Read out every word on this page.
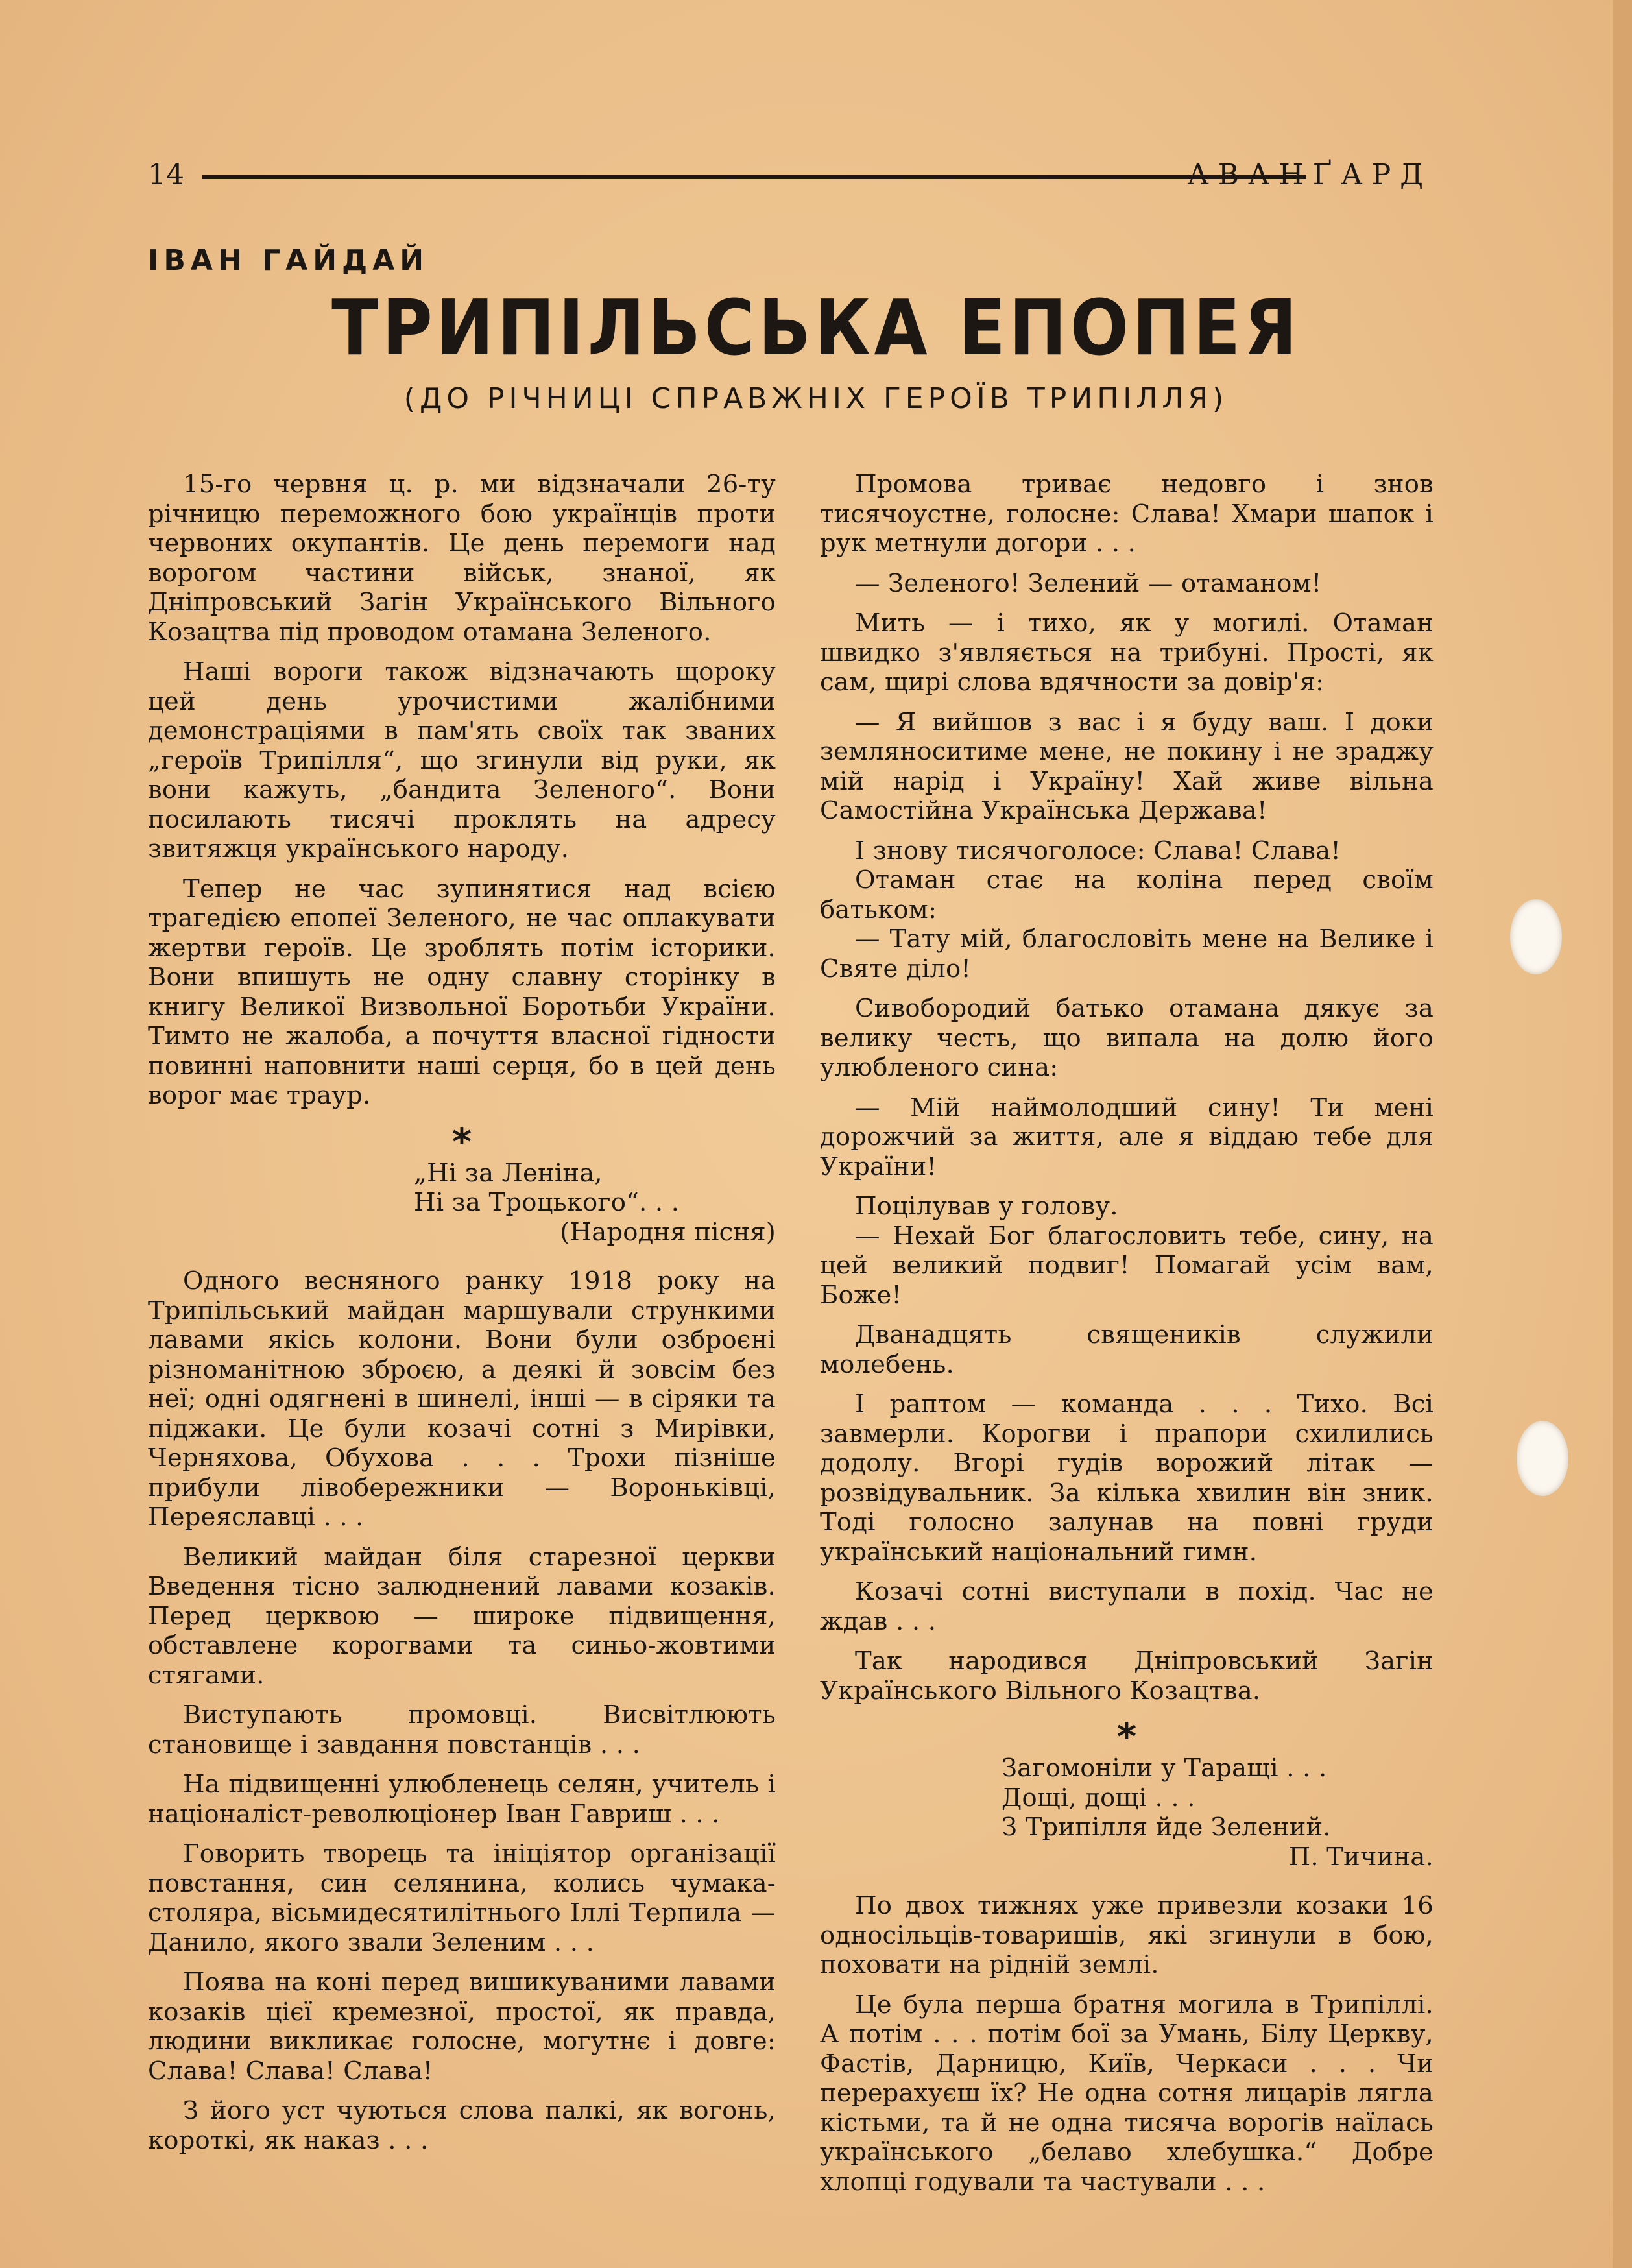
14	АВАНҐАРД
ІВАН ГАЙДАЙ
ТРИПІЛЬСЬКА ЕПОПЕЯ
(ДО РІЧНИЦІ СПРАВЖНІХ ГЕРОЇВ ТРИПІЛЛЯ)

15-го червня ц. р. ми відзначали 26-ту річницю переможного бою українців проти червоних окупантів. Це день перемоги над ворогом частини військ, знаної, як Дніпровський Загін Українського Вільного Козацтва під проводом отамана Зеленого.

Наші вороги також відзначають щороку цей день урочистими жалібними демонстраціями в пам'ять своїх так званих „героїв Трипілля“, що згинули від руки, як вони кажуть, „бандита Зеленого“. Вони посилають тисячі проклять на адресу звитяжця українського народу.

Тепер не час зупинятися над всією трагедією епопеї Зеленого, не час оплакувати жертви героїв. Це зроблять потім історики. Вони впишуть не одну славну сторінку в книгу Великої Визвольної Боротьби України. Тимто не жалоба, а почуття власної гідности повинні наповнити наші серця, бо в цей день ворог має траур.

*
„Ні за Леніна,
Ні за Троцького“. . .
(Народня пісня)

Одного весняного ранку 1918 року на Трипільський майдан маршували стрункими лавами якісь колони. Вони були озброєні різноманітною зброєю, а деякі й зовсім без неї; одні одягнені в шинелі, інші — в сіряки та піджаки. Це були козачі сотні з Мирівки, Черняхова, Обухова . . . Трохи пізніше прибули лівобережники — Вороньківці, Переяславці . . .

Великий майдан біля старезної церкви Введення тісно залюднений лавами козаків. Перед церквою — широке підвищення, обставлене корогвами та синьо-жовтими стягами.

Виступають промовці. Висвітлюють становище і завдання повстанців . . .

На підвищенні улюбленець селян, учитель і націоналіст-революціонер Іван Гавриш . . .

Говорить творець та ініціятор організації повстання, син селянина, колись чумака-столяра, вісьмидесятилітнього Іллі Терпила — Данило, якого звали Зеленим . . .

Поява на коні перед вишикуваними лавами козаків цієї кремезної, простої, як правда, людини викликає голосне, могутнє і довге: Слава! Слава! Слава!

З його уст чуються слова палкі, як вогонь, короткі, як наказ . . .

Промова триває недовго і знов тисячоустне, голосне: Слава! Хмари шапок і рук метнули догори . . .

— Зеленого! Зелений — отаманом!

Мить — і тихо, як у могилі. Отаман швидко з'являється на трибуні. Прості, як сам, щирі слова вдячности за довір'я:

— Я вийшов з вас і я буду ваш. І доки земляноситиме мене, не покину і не зраджу мій нарід і Україну! Хай живе вільна Самостійна Українська Держава!

І знову тисячоголосе: Слава! Слава!

Отаман стає на коліна перед своїм батьком:

— Тату мій, благословіть мене на Велике і Святе діло!

Сивобородий батько отамана дякує за велику честь, що випала на долю його улюбленого сина:

— Мій наймолодший сину! Ти мені дорожчий за життя, але я віддаю тебе для України!

Поцілував у голову.

— Нехай Бог благословить тебе, сину, на цей великий подвиг! Помагай усім вам, Боже!

Дванадцять священиків служили молебень.

І раптом — команда . . . Тихо. Всі завмерли. Корогви і прапори схилились додолу. Вгорі гудів ворожий літак — розвідувальник. За кілька хвилин він зник. Тоді голосно залунав на повні груди український національний гимн.

Козачі сотні виступали в похід. Час не ждав . . .

Так народився Дніпровський Загін Українського Вільного Козацтва.

*
Загомоніли у Таращі . . .
Дощі, дощі . . .
З Трипілля йде Зелений.
П. Тичина.

По двох тижнях уже привезли козаки 16 односільців-товаришів, які згинули в бою, поховати на рідній землі.

Це була перша братня могила в Трипіллі. А потім . . . потім бої за Умань, Білу Церкву, Фастів, Дарницю, Київ, Черкаси . . . Чи перерахуєш їх? Не одна сотня лицарів лягла кістьми, та й не одна тисяча ворогів наїлась українського „белаво хлебушка.“ Добре хлопці годували та частували . . .
